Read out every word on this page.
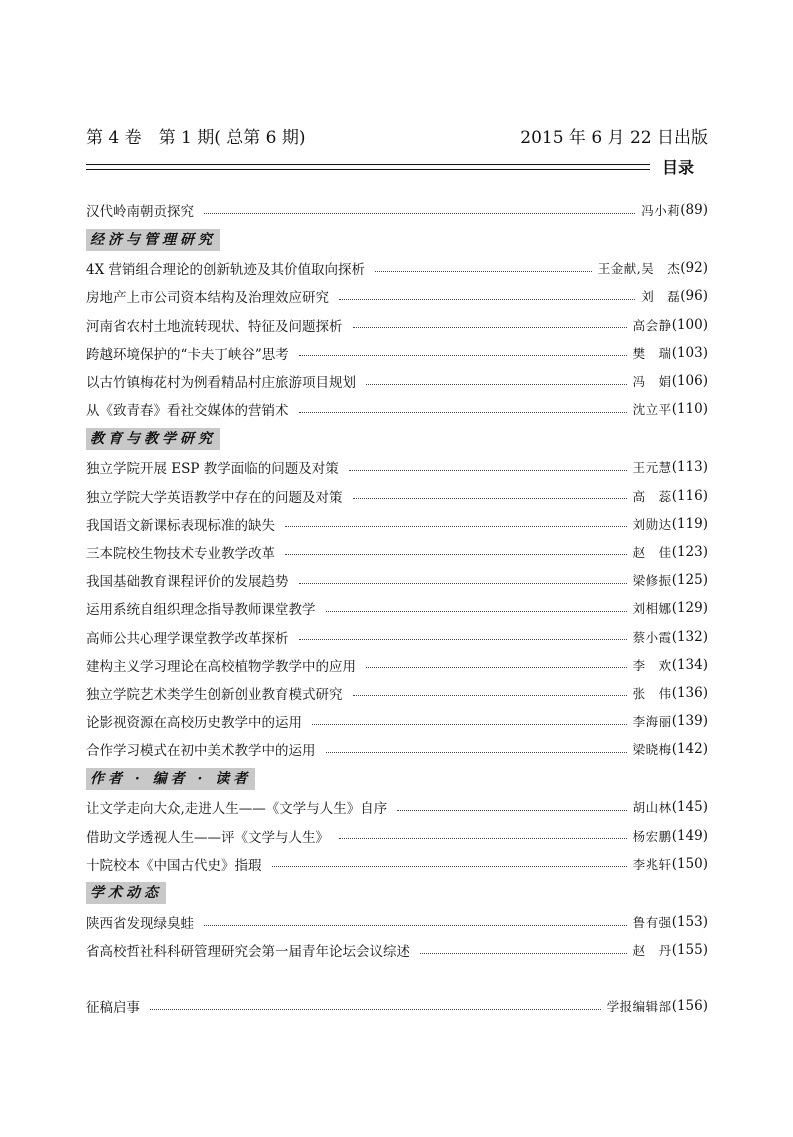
第 4 卷　第 1 期( 总第 6 期)	2015 年 6 月 22 日出版
目录
汉代岭南朝贡探究	冯小莉 (89)
经济与管理研究
4X 营销组合理论的创新轨迹及其价值取向探析	王金献,吴　杰 (92)
房地产上市公司资本结构及治理效应研究	刘　磊 (96)
河南省农村土地流转现状、特征及问题探析	高会静 (100)
跨越环境保护的“卡夫丁峡谷”思考	樊　瑞 (103)
以古竹镇梅花村为例看精品村庄旅游项目规划	冯　娟 (106)
从《致青春》看社交媒体的营销术	沈立平 (110)
教育与教学研究
独立学院开展 ESP 教学面临的问题及对策	王元慧 (113)
独立学院大学英语教学中存在的问题及对策	高　蕊 (116)
我国语文新课标表现标准的缺失	刘勋达 (119)
三本院校生物技术专业教学改革	赵　佳 (123)
我国基础教育课程评价的发展趋势	梁修振 (125)
运用系统自组织理念指导教师课堂教学	刘相娜 (129)
高师公共心理学课堂教学改革探析	蔡小霞 (132)
建构主义学习理论在高校植物学教学中的应用	李　欢 (134)
独立学院艺术类学生创新创业教育模式研究	张　伟 (136)
论影视资源在高校历史教学中的运用	李海丽 (139)
合作学习模式在初中美术教学中的运用	梁晓梅 (142)
作者 · 编者 · 读者
让文学走向大众,走进人生——《文学与人生》自序	胡山林 (145)
借助文学透视人生——评《文学与人生》	杨宏鹏 (149)
十院校本《中国古代史》指瑕	李兆轩 (150)
学术动态
陕西省发现绿臭蛙	鲁有强 (153)
省高校哲社科科研管理研究会第一届青年论坛会议综述	赵　丹 (155)
征稿启事	学报编辑部 (156)
